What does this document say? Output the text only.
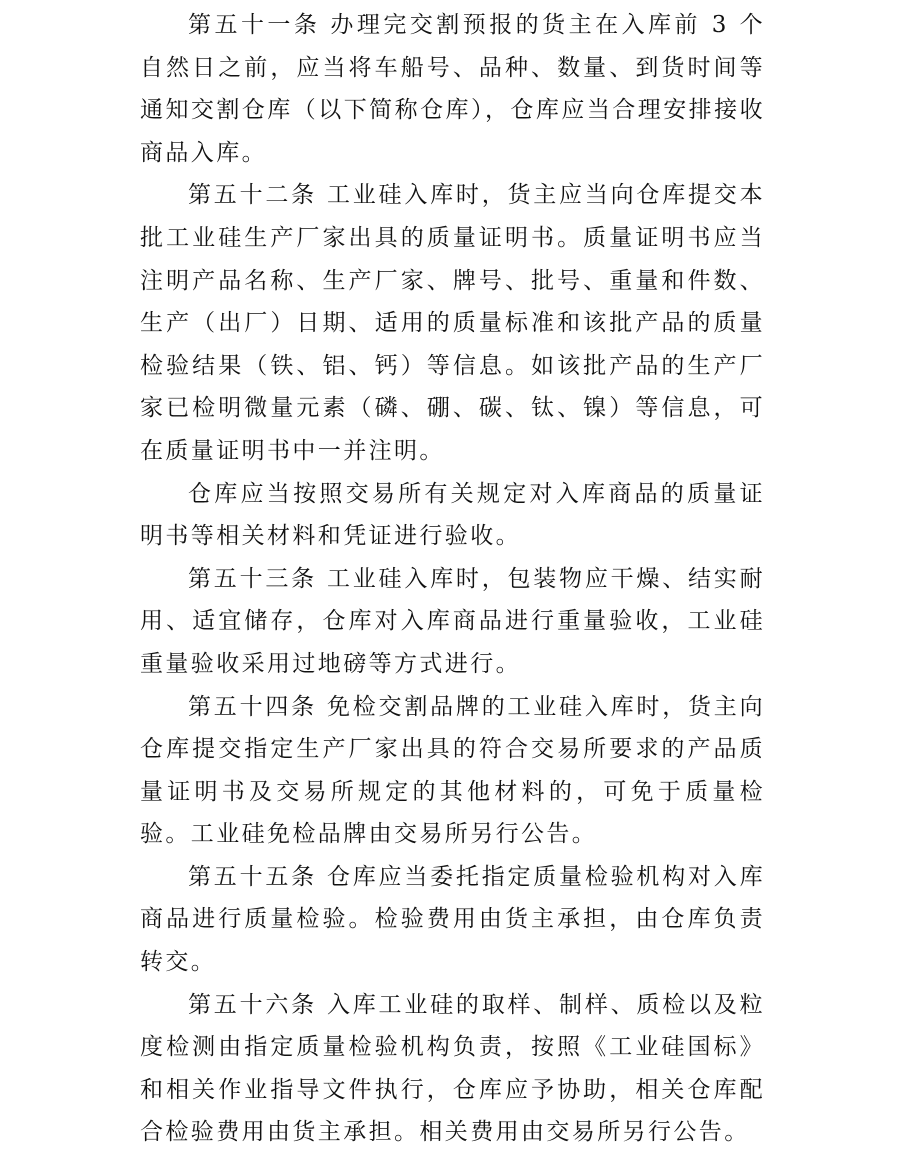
第五十一条 办理完交割预报的货主在入库前 3 个自然日之前，应当将车船号、品种、数量、到货时间等通知交割仓库（以下简称仓库），仓库应当合理安排接收商品入库。

第五十二条 工业硅入库时，货主应当向仓库提交本批工业硅生产厂家出具的质量证明书。质量证明书应当注明产品名称、生产厂家、牌号、批号、重量和件数、生产（出厂）日期、适用的质量标准和该批产品的质量检验结果（铁、铝、钙）等信息。如该批产品的生产厂家已检明微量元素（磷、硼、碳、钛、镍）等信息，可在质量证明书中一并注明。

仓库应当按照交易所有关规定对入库商品的质量证明书等相关材料和凭证进行验收。

第五十三条 工业硅入库时，包装物应干燥、结实耐用、适宜储存，仓库对入库商品进行重量验收，工业硅重量验收采用过地磅等方式进行。

第五十四条 免检交割品牌的工业硅入库时，货主向仓库提交指定生产厂家出具的符合交易所要求的产品质量证明书及交易所规定的其他材料的，可免于质量检验。工业硅免检品牌由交易所另行公告。

第五十五条 仓库应当委托指定质量检验机构对入库商品进行质量检验。检验费用由货主承担，由仓库负责转交。

第五十六条 入库工业硅的取样、制样、质检以及粒度检测由指定质量检验机构负责，按照《工业硅国标》和相关作业指导文件执行，仓库应予协助，相关仓库配合检验费用由货主承担。相关费用由交易所另行公告。
